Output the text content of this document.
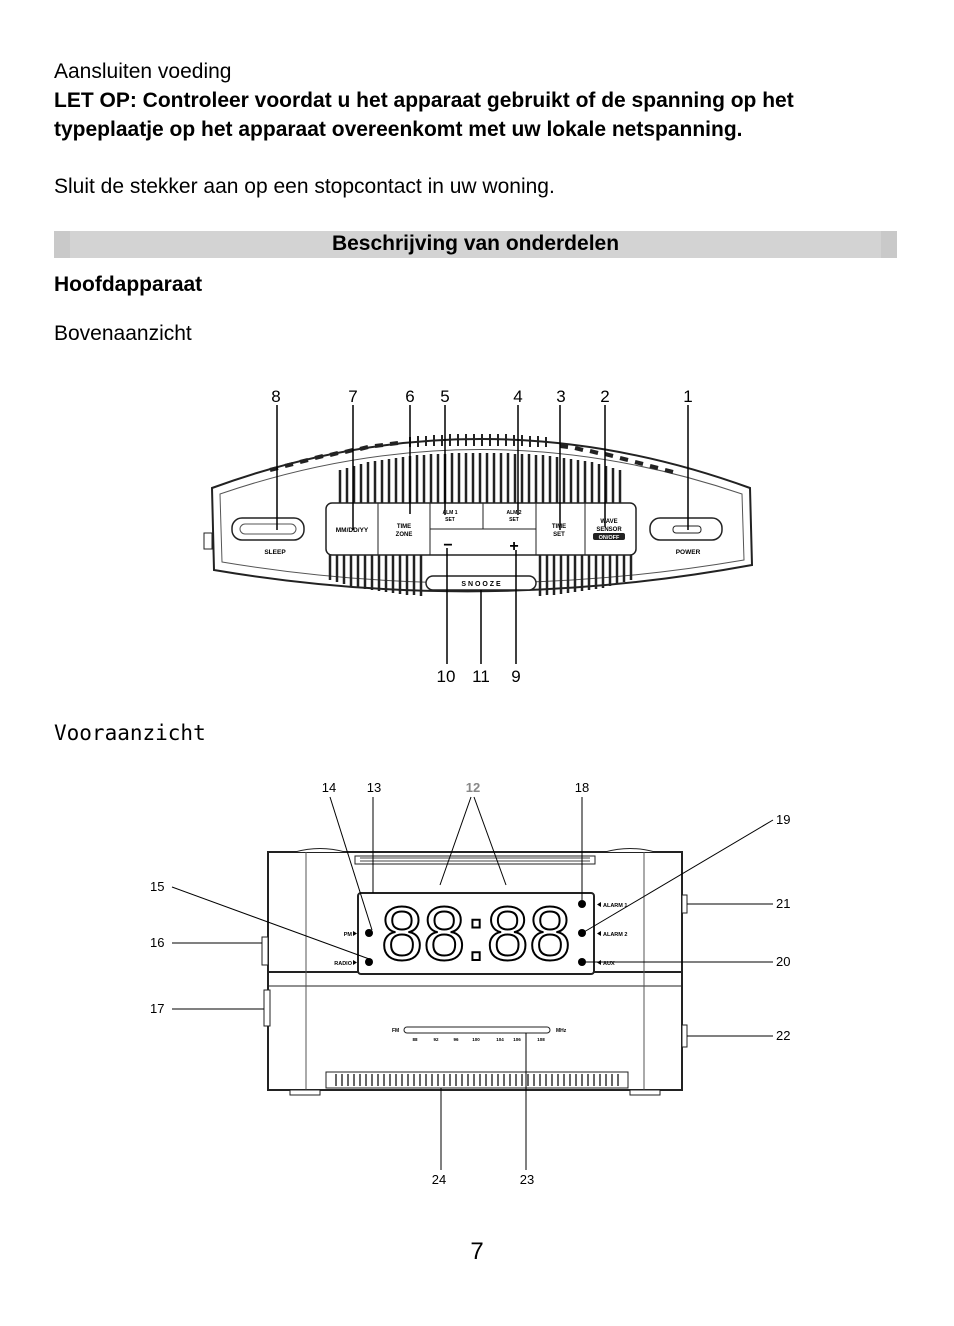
Aansluiten voeding
LET OP: Controleer voordat u het apparaat gebruikt of de spanning op het
typeplaatje op het apparaat overeenkomt met uw lokale netspanning.
Sluit de stekker aan op een stopcontact in uw woning.
Beschrijving van onderdelen
Hoofdapparaat
Bovenaanzicht
SLEEP
MM/DD/YY	TIME
ZONE
ALM 1
SET
ALM 2
SET
−	+
TIME
SET
WAVE
SENSOR
ON/OFF
S N O O Z E
POWER
8	7	6 5	4 3 2	1
10 11 9
Vooraanzicht
88:88
PM
RADIO
ALARM 1
ALARM 2
AUX
FM	MHz
88	92	96	100	104 106	108
14 13	12	18
19
15
21
16
20
17
22
24	23
7
